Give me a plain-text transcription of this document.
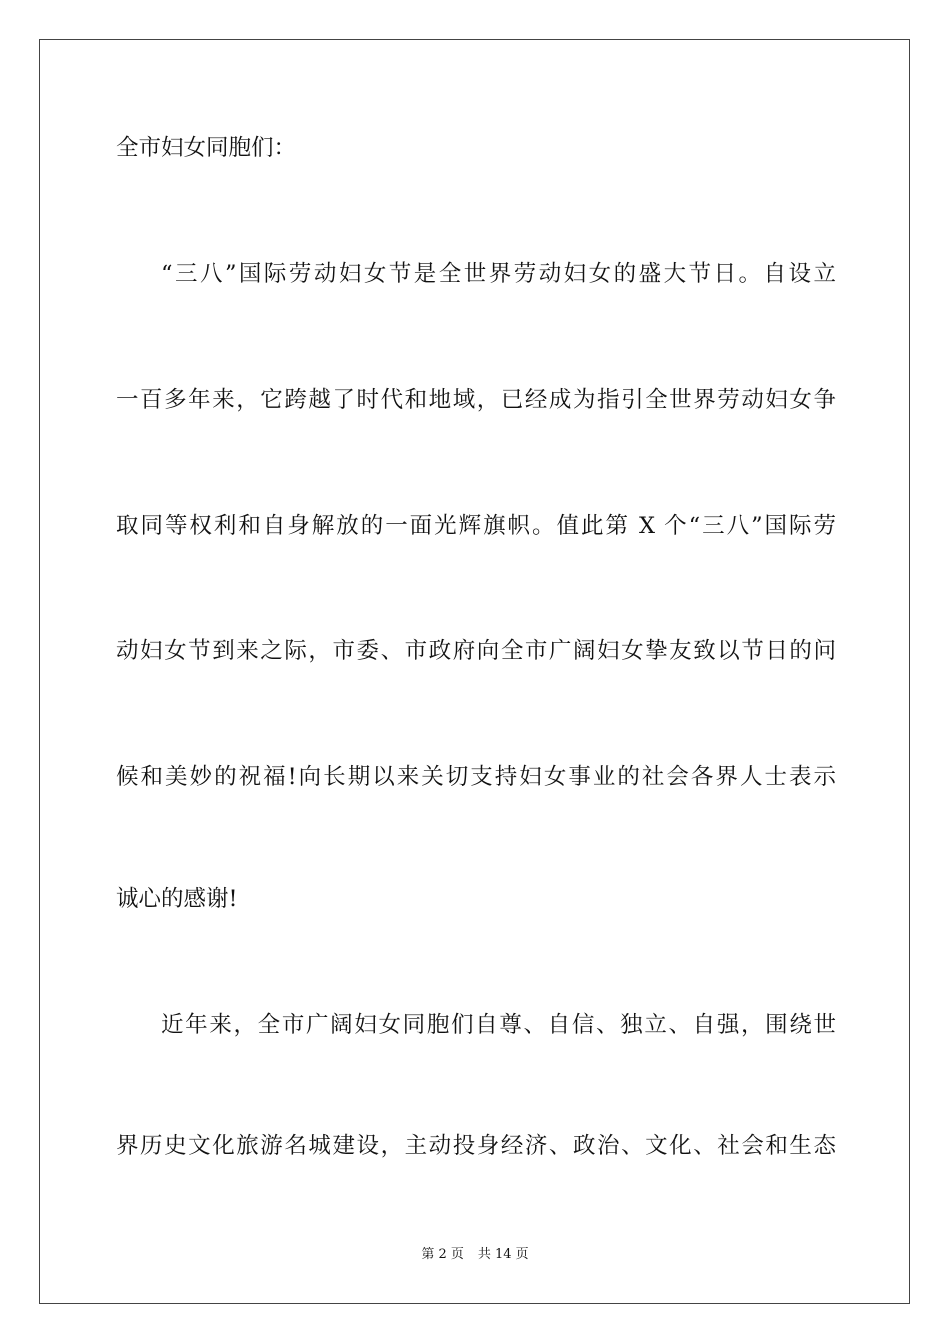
全市妇女同胞们：
“三八”国际劳动妇女节是全世界劳动妇女的盛大节日。自设立
一百多年来，它跨越了时代和地域，已经成为指引全世界劳动妇女争
取同等权利和自身解放的一面光辉旗帜。值此第 X 个“三八”国际劳
动妇女节到来之际，市委、市政府向全市广阔妇女挚友致以节日的问
候和美妙的祝福!向长期以来关切支持妇女事业的社会各界人士表示
诚心的感谢!
近年来，全市广阔妇女同胞们自尊、自信、独立、自强，围绕世
界历史文化旅游名城建设，主动投身经济、政治、文化、社会和生态
第 2 页 共 14 页
